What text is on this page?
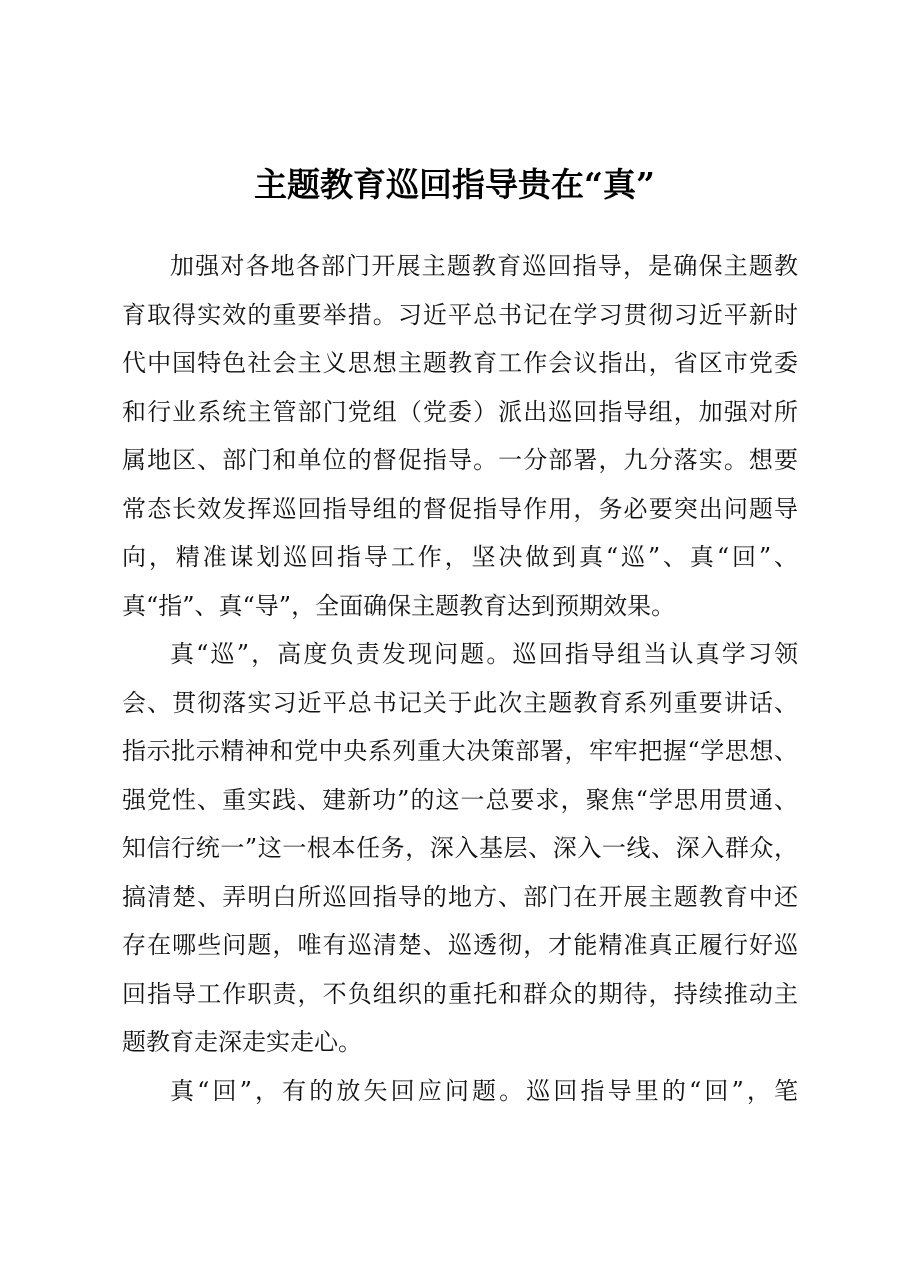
主题教育巡回指导贵在“真”
加强对各地各部门开展主题教育巡回指导，是确保主题教
育取得实效的重要举措。习近平总书记在学习贯彻习近平新时
代中国特色社会主义思想主题教育工作会议指出，省区市党委
和行业系统主管部门党组（党委）派出巡回指导组，加强对所
属地区、部门和单位的督促指导。一分部署，九分落实。想要
常态长效发挥巡回指导组的督促指导作用，务必要突出问题导
向，精准谋划巡回指导工作，坚决做到真“巡”、真“回”、
真“指”、真“导”，全面确保主题教育达到预期效果。
真“巡”，高度负责发现问题。巡回指导组当认真学习领
会、贯彻落实习近平总书记关于此次主题教育系列重要讲话、
指示批示精神和党中央系列重大决策部署，牢牢把握“学思想、
强党性、重实践、建新功”的这一总要求，聚焦“学思用贯通、
知信行统一”这一根本任务，深入基层、深入一线、深入群众，
搞清楚、弄明白所巡回指导的地方、部门在开展主题教育中还
存在哪些问题，唯有巡清楚、巡透彻，才能精准真正履行好巡
回指导工作职责，不负组织的重托和群众的期待，持续推动主
题教育走深走实走心。
真“回”，有的放矢回应问题。巡回指导里的“回”，笔
